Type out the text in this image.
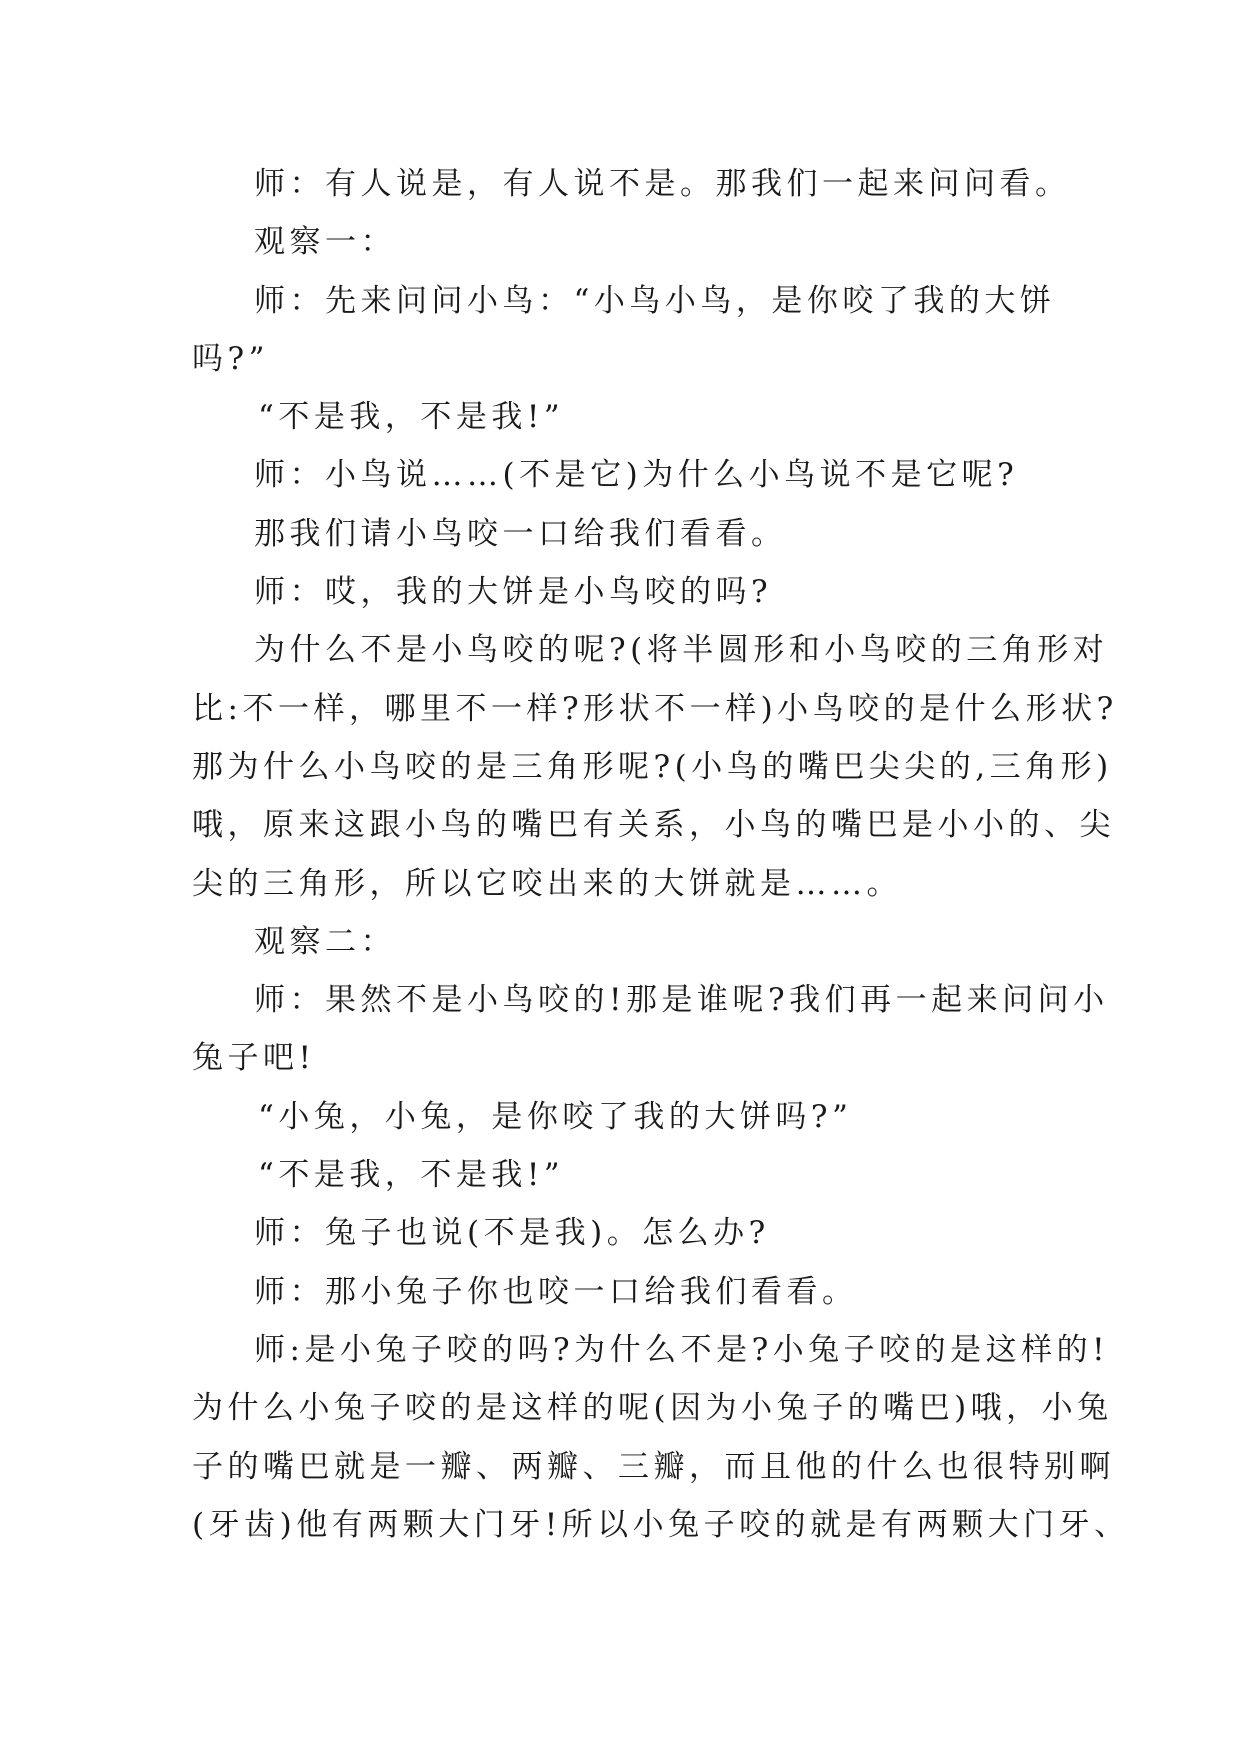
师：有人说是，有人说不是。那我们一起来问问看。
观察一：
师：先来问问小鸟：“小鸟小鸟，是你咬了我的大饼
吗?”
“不是我，不是我!”
师：小鸟说……(不是它)为什么小鸟说不是它呢?
那我们请小鸟咬一口给我们看看。
师：哎，我的大饼是小鸟咬的吗?
为什么不是小鸟咬的呢?(将半圆形和小鸟咬的三角形对
比:不一样，哪里不一样?形状不一样)小鸟咬的是什么形状?
那为什么小鸟咬的是三角形呢?(小鸟的嘴巴尖尖的,三角形)
哦，原来这跟小鸟的嘴巴有关系，小鸟的嘴巴是小小的、尖
尖的三角形，所以它咬出来的大饼就是……。
观察二：
师：果然不是小鸟咬的!那是谁呢?我们再一起来问问小
兔子吧!
“小兔，小兔，是你咬了我的大饼吗?”
“不是我，不是我!”
师：兔子也说(不是我)。怎么办?
师：那小兔子你也咬一口给我们看看。
师:是小兔子咬的吗?为什么不是?小兔子咬的是这样的!
为什么小兔子咬的是这样的呢(因为小兔子的嘴巴)哦，小兔
子的嘴巴就是一瓣、两瓣、三瓣，而且他的什么也很特别啊
(牙齿)他有两颗大门牙!所以小兔子咬的就是有两颗大门牙、
